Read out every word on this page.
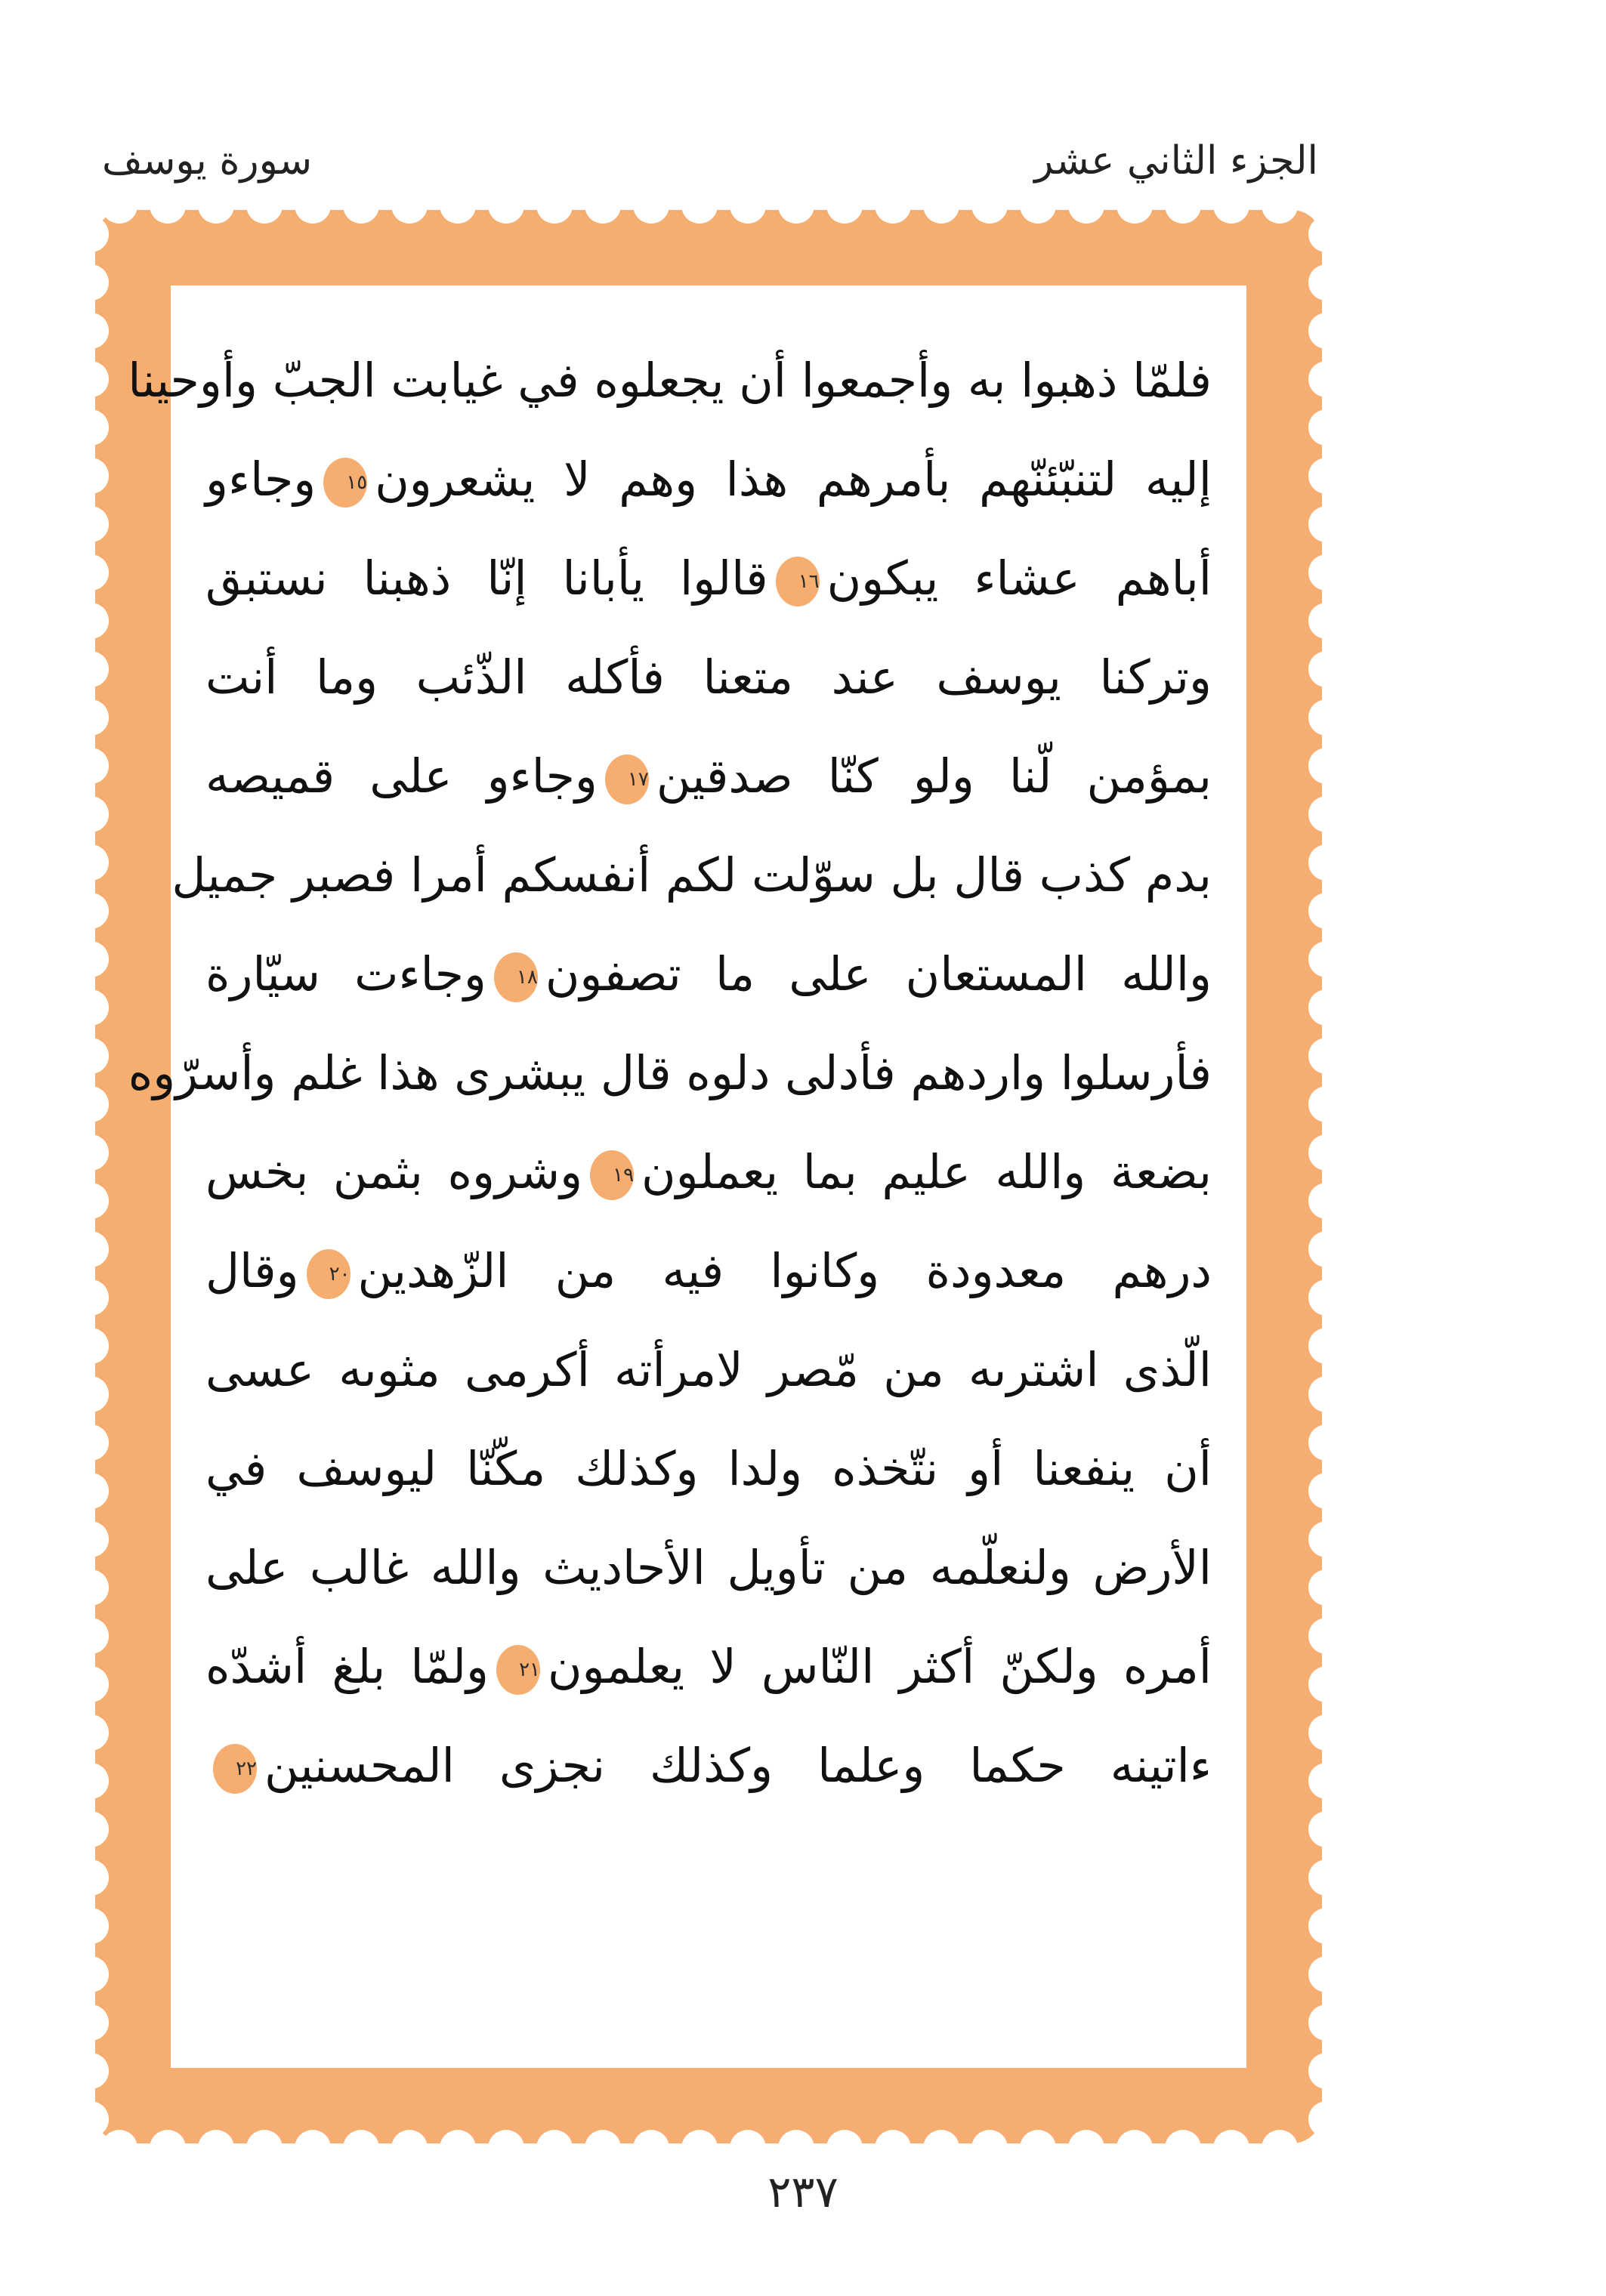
الجزء الثاني عشر
سورة يوسف
فلمّا ذهبوا به وأجمعوا أن يجعلوه في غيابت الجبّ وأوحينا
إليه لتنبّئنّهم بأمرهم هذا وهم لا يشعرون١٥وجاءو
أباهم عشاء يبكون١٦قالوا يأبانا إنّا ذهبنا نستبق
وتركنا يوسف عند متعنا فأكله الذّئب وما أنت
بمؤمن لّنا ولو كنّا صدقين١٧وجاءو على قميصه
بدم كذب قال بل سوّلت لكم أنفسكم أمرا فصبر جميل
والله المستعان على ما تصفون١٨وجاءت سيّارة
فأرسلوا واردهم فأدلى دلوه قال يبشرى هذا غلم وأسرّوه
بضعة والله عليم بما يعملون١٩وشروه بثمن بخس
درهم معدودة وكانوا فيه من الزّهدين٢٠وقال
الّذى اشترىه من مّصر لامرأته أكرمى مثوىه عسى
أن ينفعنا أو نتّخذه ولدا وكذلك مكّنّا ليوسف في
الأرض ولنعلّمه من تأويل الأحاديث والله غالب على
أمره ولكنّ أكثر النّاس لا يعلمون٢١ولمّا بلغ أشدّه
ءاتينه حكما وعلما وكذلك نجزى المحسنين٢٢
٢٣٧
